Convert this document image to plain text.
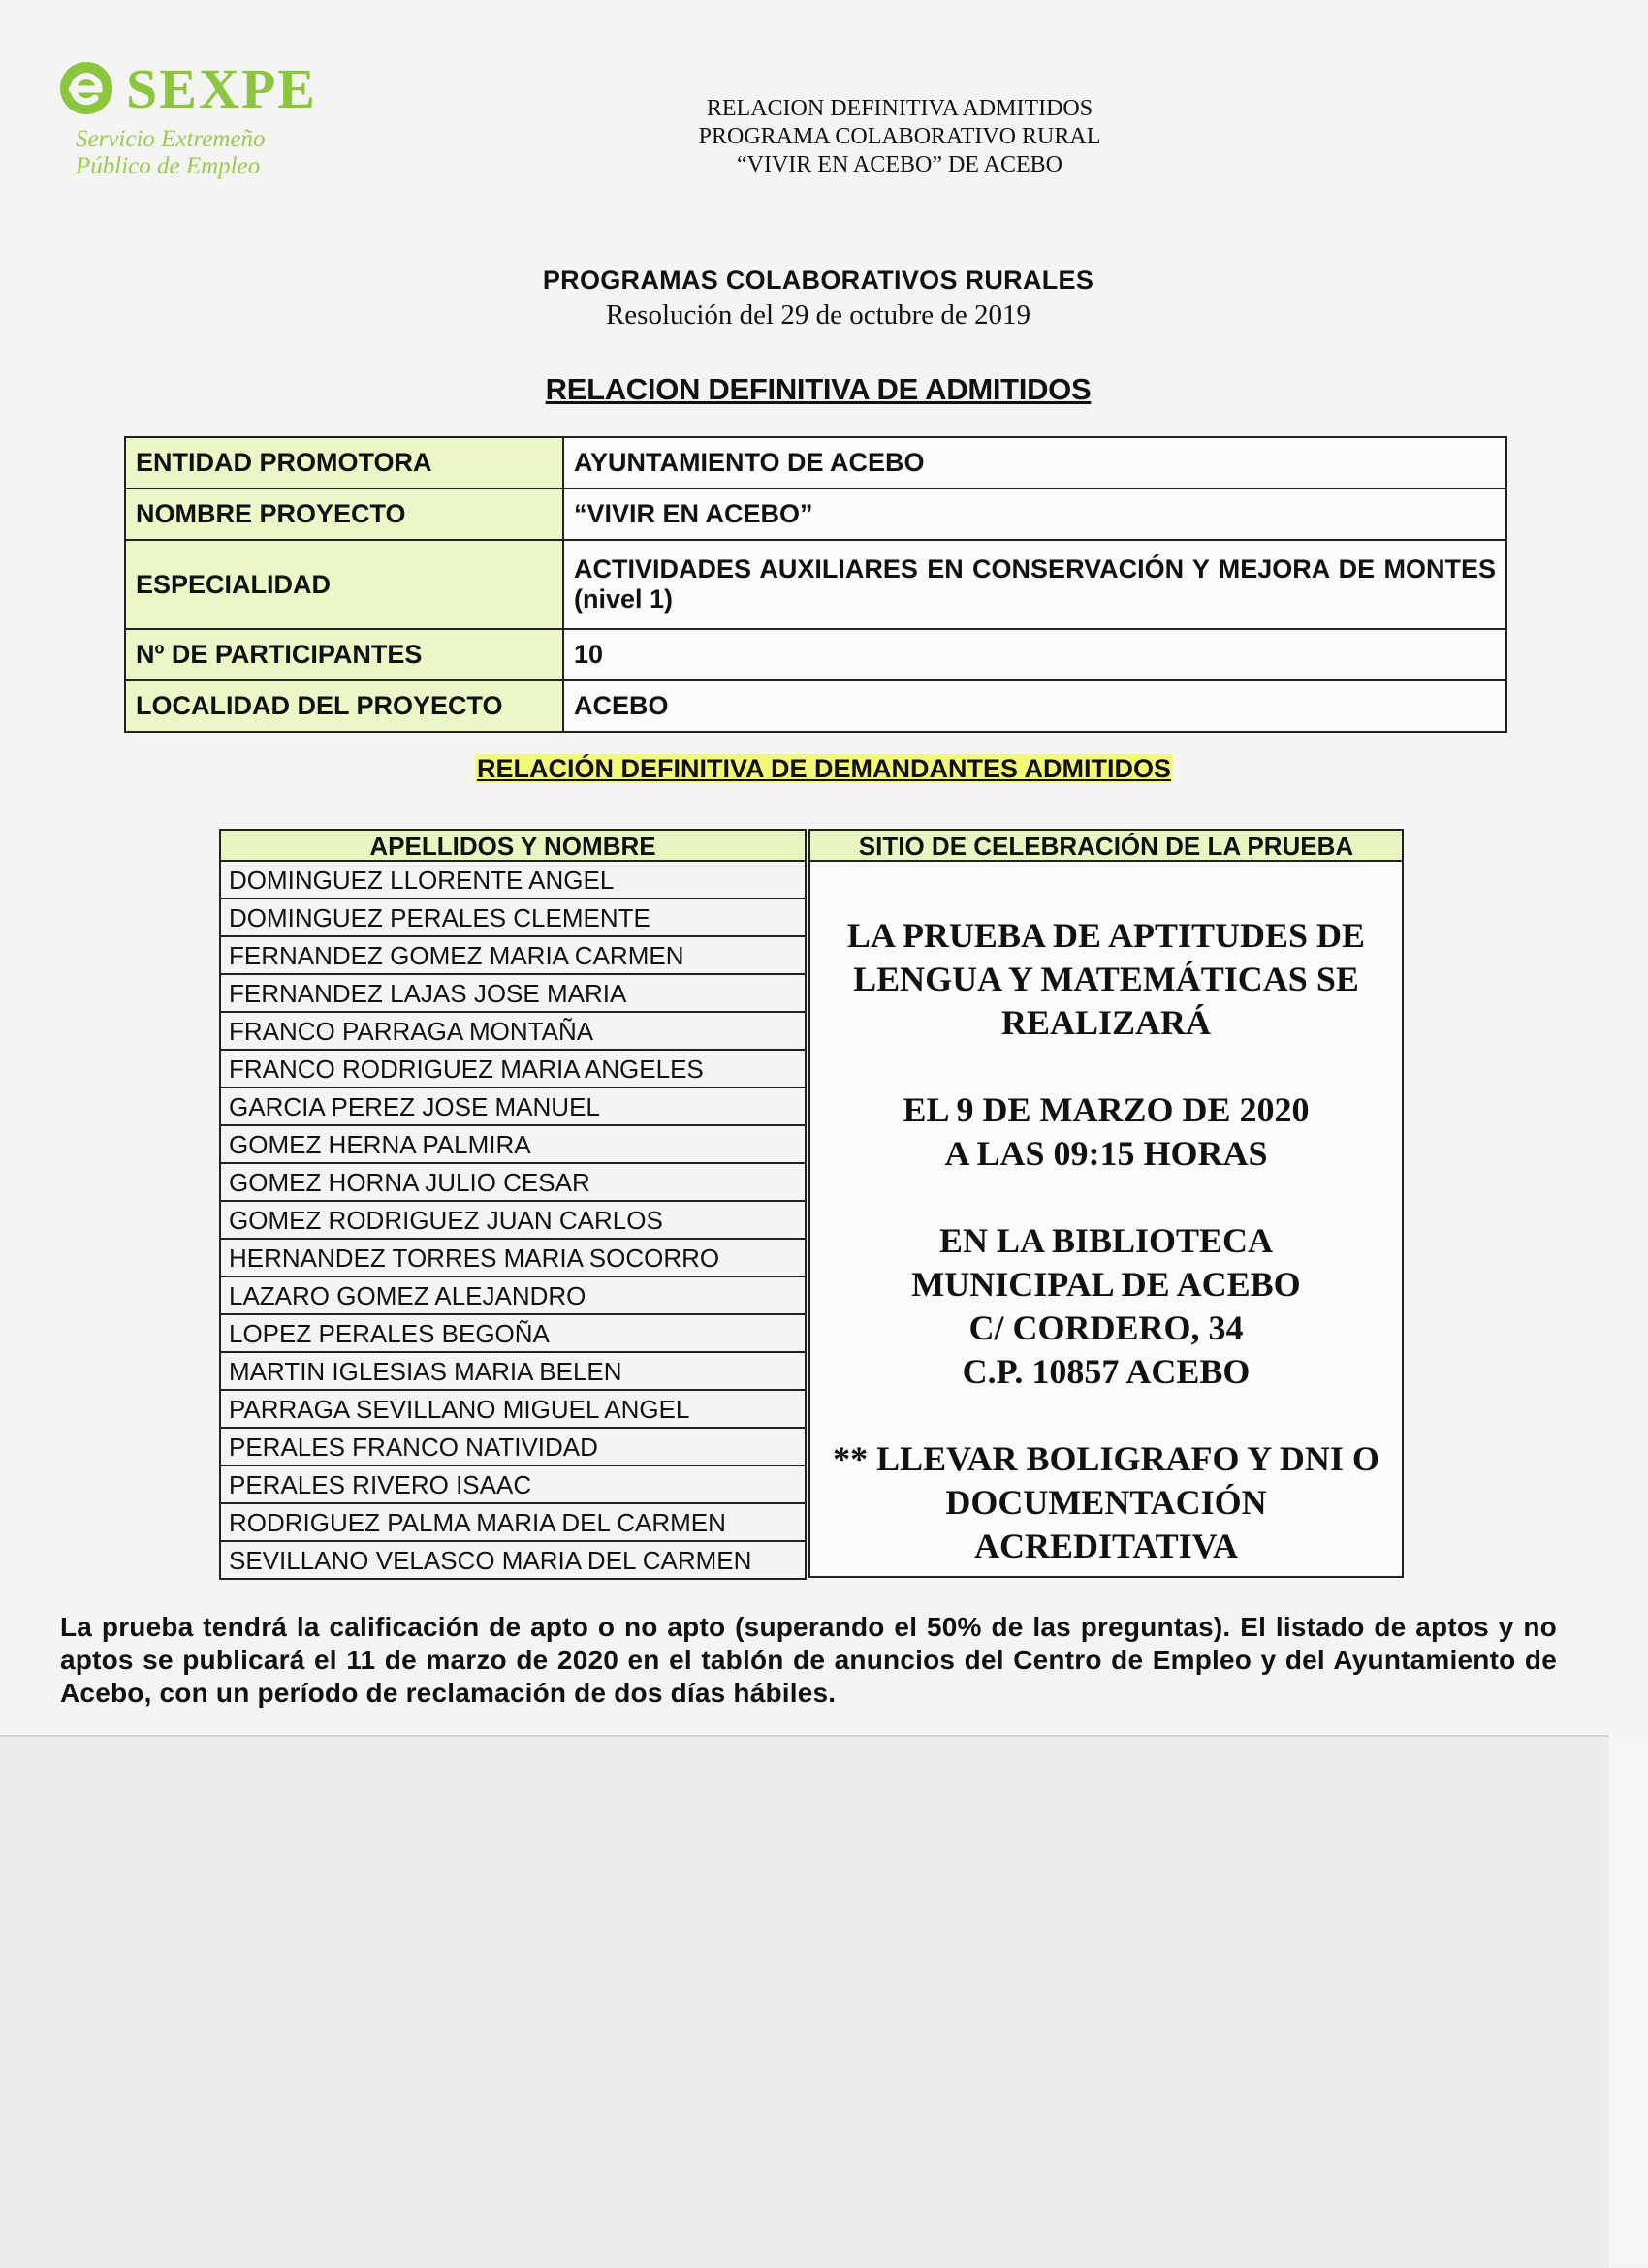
SEXPE
Servicio Extremeño
Público de Empleo
RELACION DEFINITIVA ADMITIDOS
PROGRAMA COLABORATIVO RURAL
“VIVIR EN ACEBO” DE ACEBO
PROGRAMAS COLABORATIVOS RURALES
Resolución del 29 de octubre de 2019
RELACION DEFINITIVA DE ADMITIDOS
ENTIDAD PROMOTORA	AYUNTAMIENTO DE ACEBO
NOMBRE PROYECTO	“VIVIR EN ACEBO”
ESPECIALIDAD	ACTIVIDADES AUXILIARES EN CONSERVACIÓN Y MEJORA DE MONTES (nivel 1)
Nº DE PARTICIPANTES	10
LOCALIDAD DEL PROYECTO	ACEBO
RELACIÓN DEFINITIVA DE DEMANDANTES ADMITIDOS
APELLIDOS Y NOMBRE
DOMINGUEZ LLORENTE ANGEL
DOMINGUEZ PERALES CLEMENTE
FERNANDEZ GOMEZ MARIA CARMEN
FERNANDEZ LAJAS JOSE MARIA
FRANCO PARRAGA MONTAÑA
FRANCO RODRIGUEZ MARIA ANGELES
GARCIA PEREZ JOSE MANUEL
GOMEZ HERNA PALMIRA
GOMEZ HORNA JULIO CESAR
GOMEZ RODRIGUEZ JUAN CARLOS
HERNANDEZ TORRES MARIA SOCORRO
LAZARO GOMEZ ALEJANDRO
LOPEZ PERALES BEGOÑA
MARTIN IGLESIAS MARIA BELEN
PARRAGA SEVILLANO MIGUEL ANGEL
PERALES FRANCO NATIVIDAD
PERALES RIVERO ISAAC
RODRIGUEZ PALMA MARIA DEL CARMEN
SEVILLANO VELASCO MARIA DEL CARMEN
SITIO DE CELEBRACIÓN DE LA PRUEBA

LA PRUEBA DE APTITUDES DE LENGUA Y MATEMÁTICAS SE REALIZARÁ

EL 9 DE MARZO DE 2020
A LAS 09:15 HORAS

EN LA BIBLIOTECA
MUNICIPAL DE ACEBO
C/ CORDERO, 34
C.P. 10857 ACEBO

** LLEVAR BOLIGRAFO Y DNI O DOCUMENTACIÓN ACREDITATIVA

La prueba tendrá la calificación de apto o no apto (superando el 50% de las preguntas). El listado de aptos y no aptos se publicará el 11 de marzo de 2020 en el tablón de anuncios del Centro de Empleo y del Ayuntamiento de Acebo, con un período de reclamación de dos días hábiles.
